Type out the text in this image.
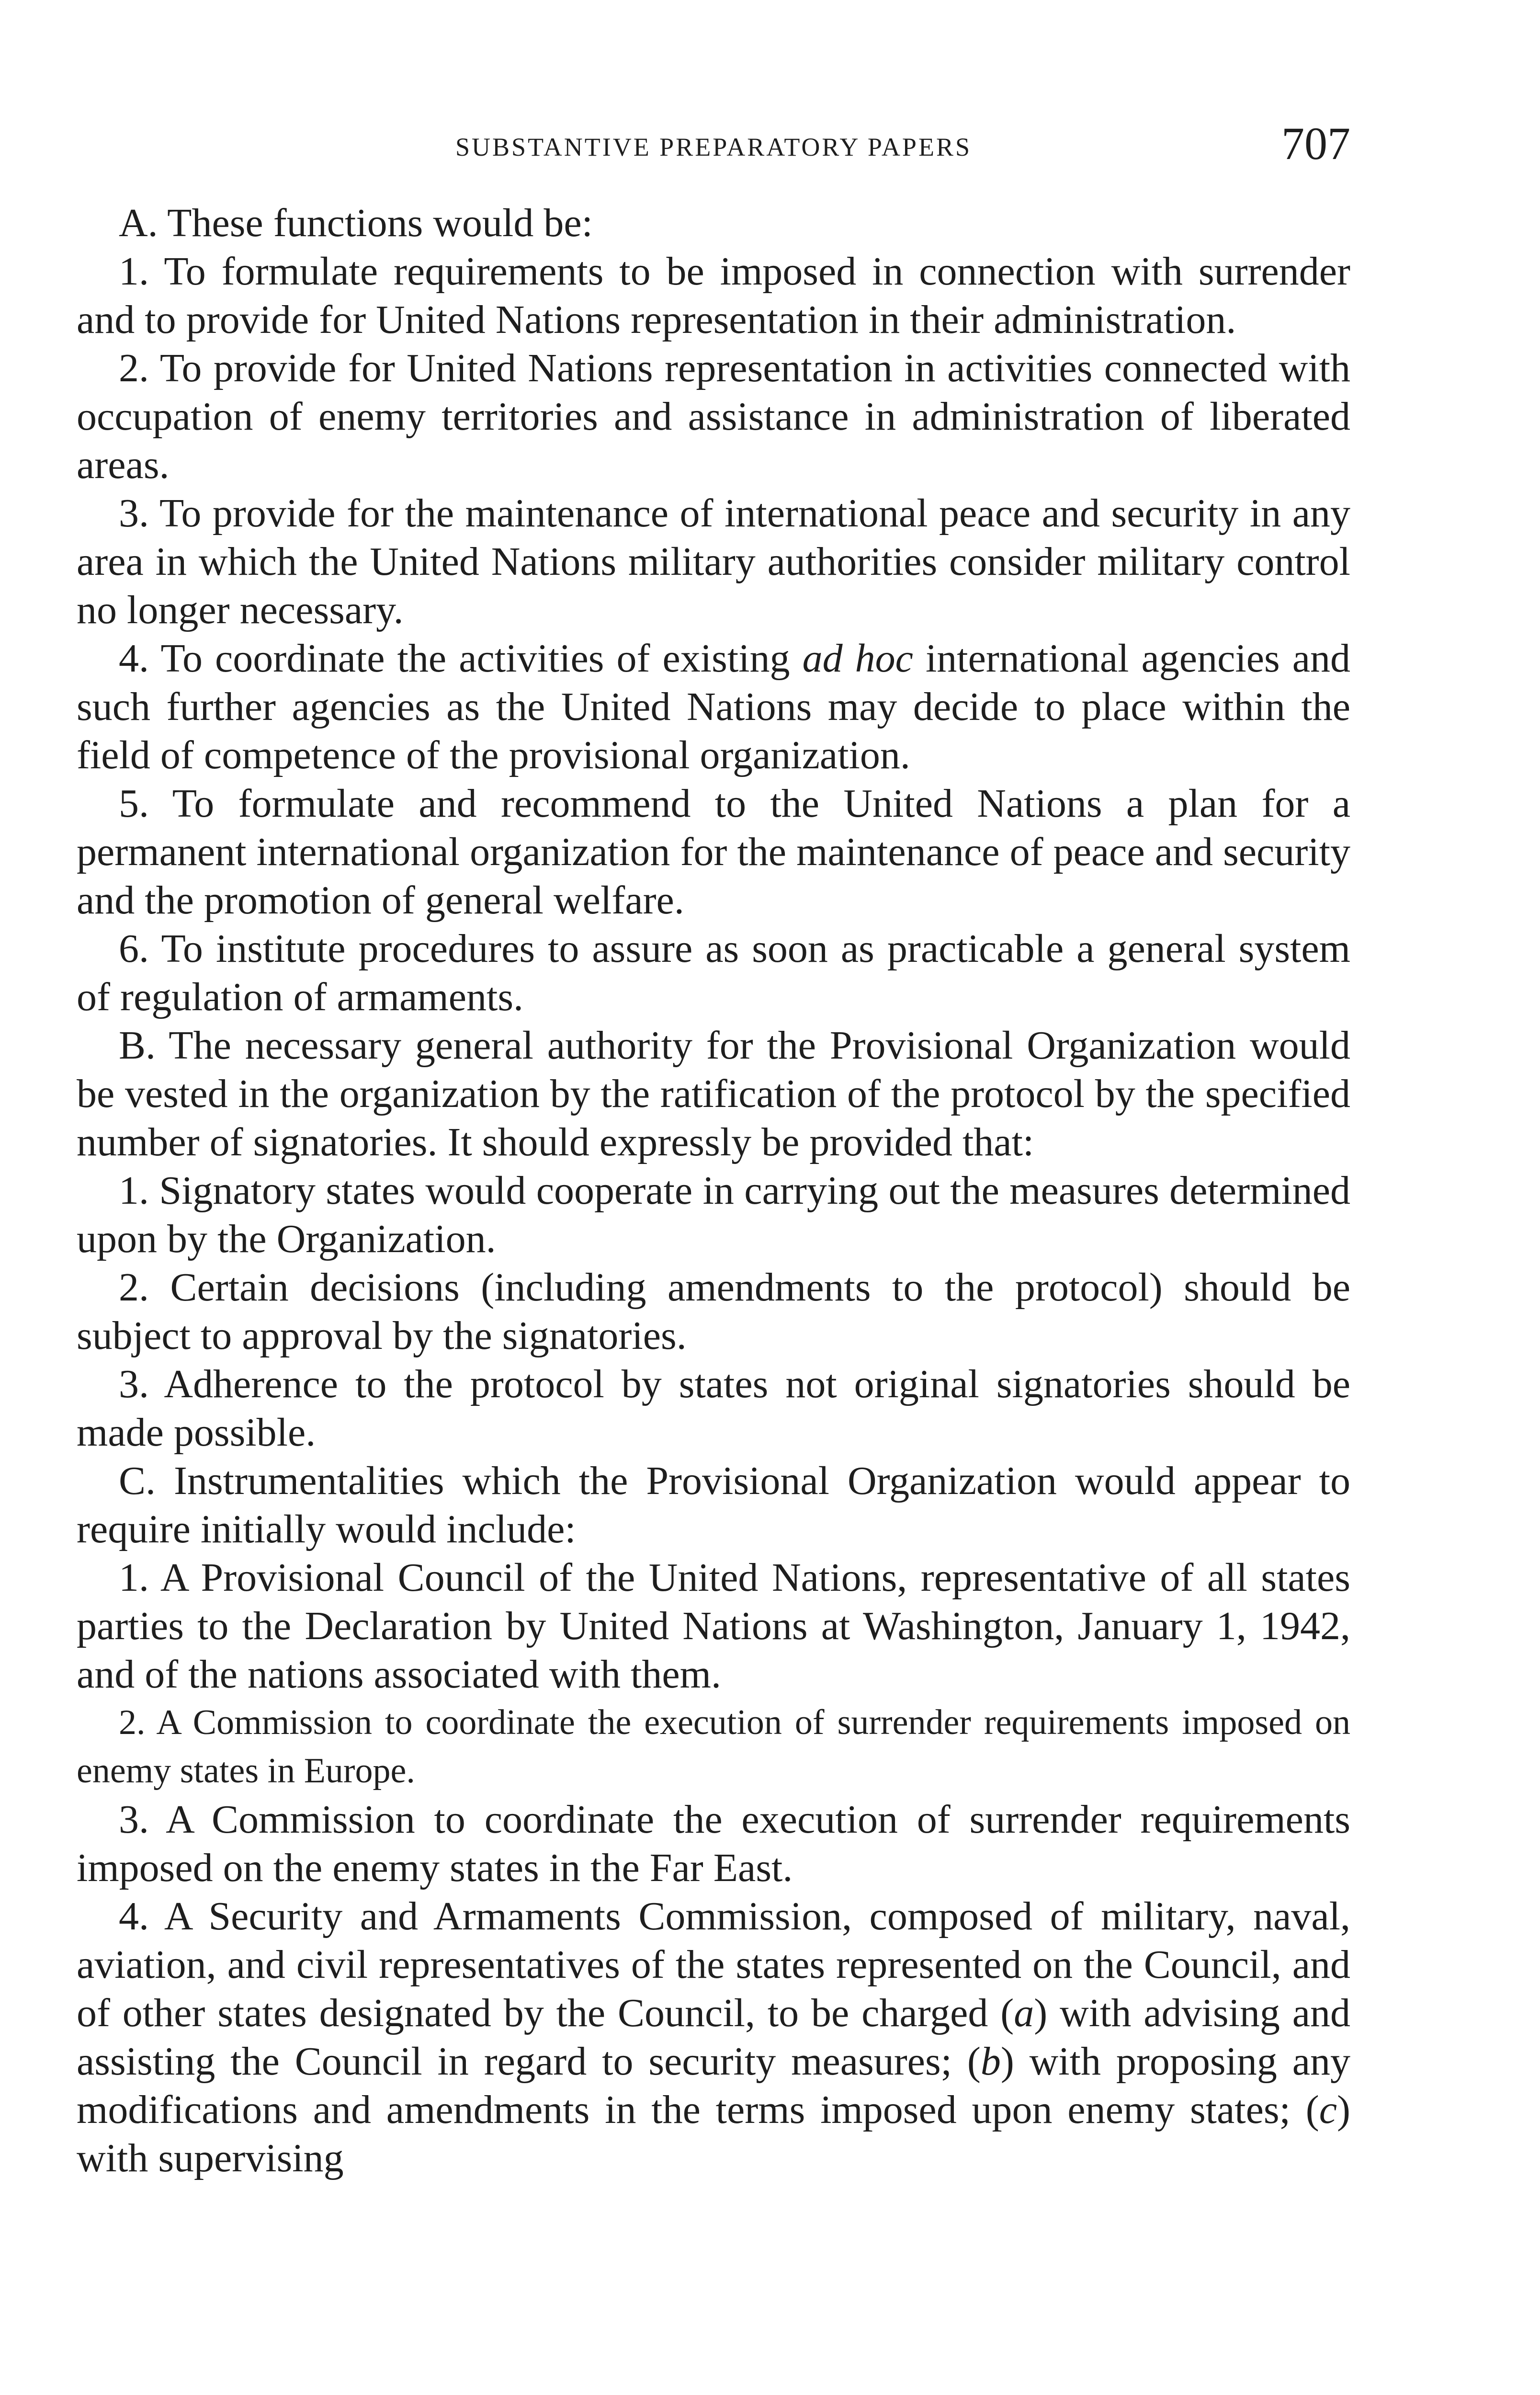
SUBSTANTIVE PREPARATORY PAPERS	707

A. These functions would be:

1. To formulate requirements to be imposed in connection with surrender and to provide for United Nations representation in their administration.

2. To provide for United Nations representation in activities connected with occupation of enemy territories and assistance in administration of liberated areas.

3. To provide for the maintenance of international peace and security in any area in which the United Nations military authorities consider military control no longer necessary.

4. To coordinate the activities of existing ad hoc international agencies and such further agencies as the United Nations may decide to place within the field of competence of the provisional organization.

5. To formulate and recommend to the United Nations a plan for a permanent international organization for the maintenance of peace and security and the promotion of general welfare.

6. To institute procedures to assure as soon as practicable a general system of regulation of armaments.

B. The necessary general authority for the Provisional Organization would be vested in the organization by the ratification of the protocol by the specified number of signatories. It should expressly be provided that:

1. Signatory states would cooperate in carrying out the measures determined upon by the Organization.

2. Certain decisions (including amendments to the protocol) should be subject to approval by the signatories.

3. Adherence to the protocol by states not original signatories should be made possible.

C. Instrumentalities which the Provisional Organization would appear to require initially would include:

1. A Provisional Council of the United Nations, representative of all states parties to the Declaration by United Nations at Washington, January 1, 1942, and of the nations associated with them.

2. A Commission to coordinate the execution of surrender requirements imposed on enemy states in Europe.

3. A Commission to coordinate the execution of surrender requirements imposed on the enemy states in the Far East.

4. A Security and Armaments Commission, composed of military, naval, aviation, and civil representatives of the states represented on the Council, and of other states designated by the Council, to be charged (a) with advising and assisting the Council in regard to security measures; (b) with proposing any modifications and amendments in the terms imposed upon enemy states; (c) with supervising
